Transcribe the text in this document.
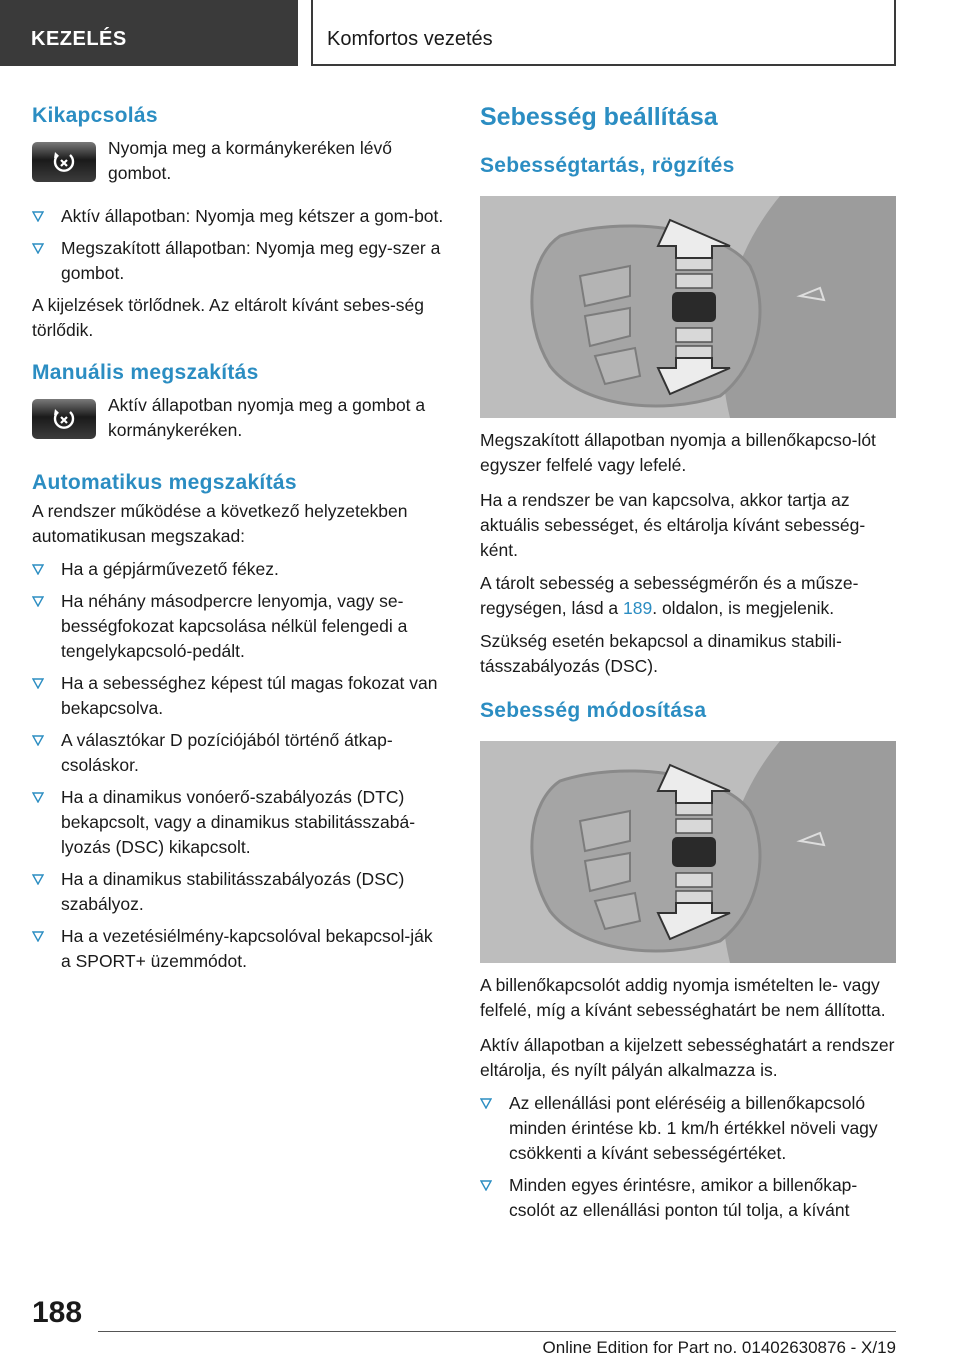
KEZELÉS	Komfortos vezetés
Kikapcsolás

Nyomja meg a kormánykeréken lévő gombot.

Aktív állapotban: Nyomja meg kétszer a gom-bot.
Megszakított állapotban: Nyomja meg egy-szer a gombot.

A kijelzések törlődnek. Az eltárolt kívánt sebes-ség törlődik.

Manuális megszakítás

Aktív állapotban nyomja meg a gombot a kormánykeréken.

Automatikus megszakítás

A rendszer működése a következő helyzetekben automatikusan megszakad:

Ha a gépjárművezető fékez.
Ha néhány másodpercre lenyomja, vagy se-bességfokozat kapcsolása nélkül felengedi a tengelykapcsoló-pedált.
Ha a sebességhez képest túl magas fokozat van bekapcsolva.
A választókar D pozíciójából történő átkap-csoláskor.
Ha a dinamikus vonóerő-szabályozás (DTC) bekapcsolt, vagy a dinamikus stabilitásszabá-lyozás (DSC) kikapcsolt.
Ha a dinamikus stabilitásszabályozás (DSC) szabályoz.
Ha a vezetésiélmény-kapcsolóval bekapcsol-ják a SPORT+ üzemmódot.
Sebesség beállítása
Sebességtartás, rögzítés

Megszakított állapotban nyomja a billenőkapcso-lót egyszer felfelé vagy lefelé.

Ha a rendszer be van kapcsolva, akkor tartja az aktuális sebességet, és eltárolja kívánt sebesség-ként.

A tárolt sebesség a sebességmérőn és a műsze-regységen, lásd a 189. oldalon, is megjelenik.

Szükség esetén bekapcsol a dinamikus stabili-tásszabályozás (DSC).

Sebesség módosítása

A billenőkapcsolót addig nyomja ismételten le- vagy felfelé, míg a kívánt sebességhatárt be nem állította.

Aktív állapotban a kijelzett sebességhatárt a rendszer eltárolja, és nyílt pályán alkalmazza is.

Az ellenállási pont eléréséig a billenőkapcsoló minden érintése kb. 1 km/h értékkel növeli vagy csökkenti a kívánt sebességértéket.
Minden egyes érintésre, amikor a billenőkap-csolót az ellenállási ponton túl tolja, a kívánt
188
Online Edition for Part no. 01402630876 - X/19
